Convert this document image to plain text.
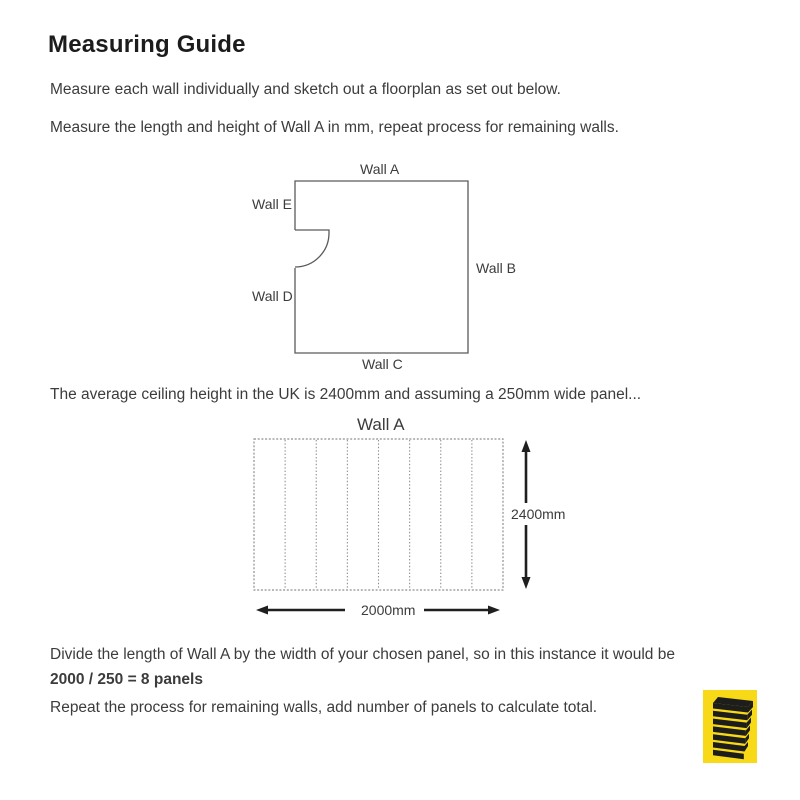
Measuring Guide
Measure each wall individually and sketch out a floorplan as set out below.
Measure the length and height of Wall A in mm, repeat process for remaining walls.
The average ceiling height in the UK is 2400mm and assuming a 250mm wide panel...
Divide the length of Wall A by the width of your chosen panel, so in this instance it would be
2000 / 250 = 8 panels
Repeat the process for remaining walls, add number of panels to calculate total.
Wall A
Wall E
Wall B
Wall D
Wall C
Wall A
2400mm
2000mm
